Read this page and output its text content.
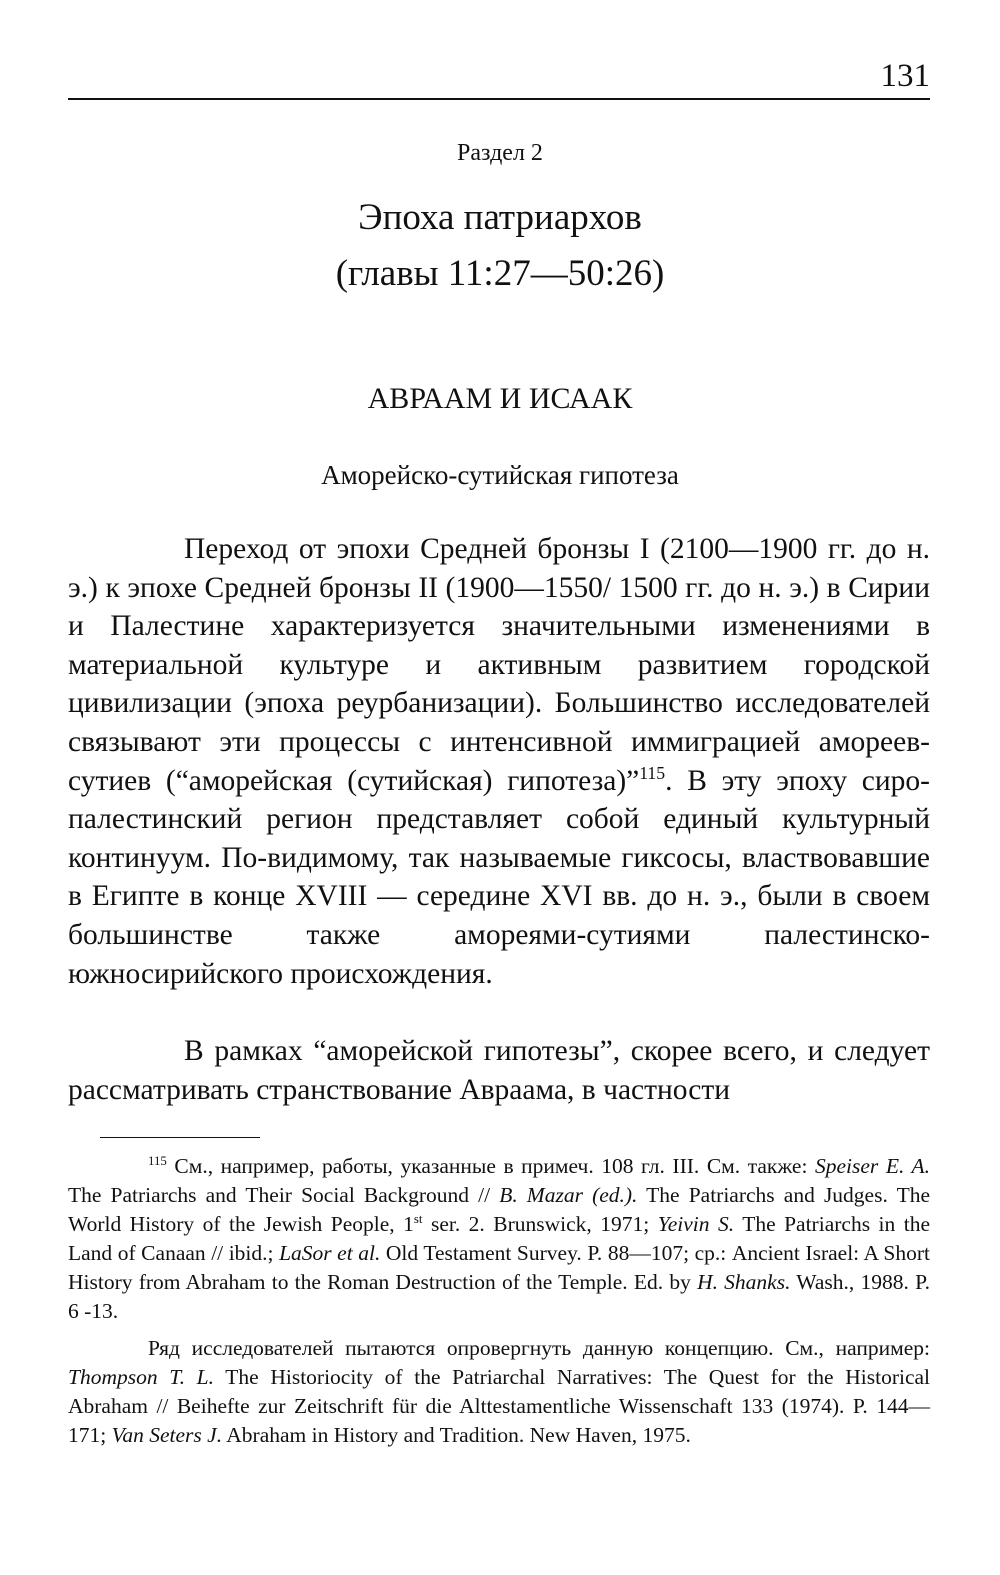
131
Раздел 2
Эпоха патриархов
(главы 11:27—50:26)
АВРААМ И ИСААК
Аморейско-сутийская гипотеза

Переход от эпохи Средней бронзы I (2100—1900 гг. до н. э.) к эпохе Средней бронзы II (1900—1550/ 1500 гг. до н. э.) в Сирии и Палестине характеризуется значительными изменениями в материальной культуре и активным развитием городской цивилизации (эпоха реурбанизации). Большинство исследователей связывают эти процессы с интенсивной иммиграцией амореев-сутиев (“аморейская (сутийская) гипотеза)”$^{115}$. В эту эпоху сиро-палестинский регион представляет собой единый культурный континуум. По-видимому, так называемые гиксосы, властвовавшие в Египте в конце XVIII — середине XVI вв. до н. э., были в своем большинстве также амореями-сутиями палестинско-южносирийского происхождения.

В рамках “аморейской гипотезы”, скорее всего, и следует рассматривать странствование Авраама, в частности

$^{115}$ См., например, работы, указанные в примеч. 108 гл. III. См. также: Speiser E. A. The Patriarchs and Their Social Background // B. Mazar (ed.). The Patriarchs and Judges. The World History of the Jewish People, 1st ser. 2. Brunswick, 1971; Yeivin S. The Patriarchs in the Land of Canaan // ibid.; LaSor et al. Old Testament Survey. P. 88—107; ср.: Ancient Israel: A Short History from Abraham to the Roman Destruction of the Temple. Ed. by H. Shanks. Wash., 1988. P. 6 -13.

Ряд исследователей пытаются опровергнуть данную концепцию. См., например: Thompson T. L. The Historiocity of the Patriarchal Narratives: The Quest for the Historical Abraham // Beihefte zur Zeitschrift für die Alttestamentliche Wissenschaft 133 (1974). P. 144—171; Van Seters J. Abraham in History and Tradition. New Haven, 1975.
